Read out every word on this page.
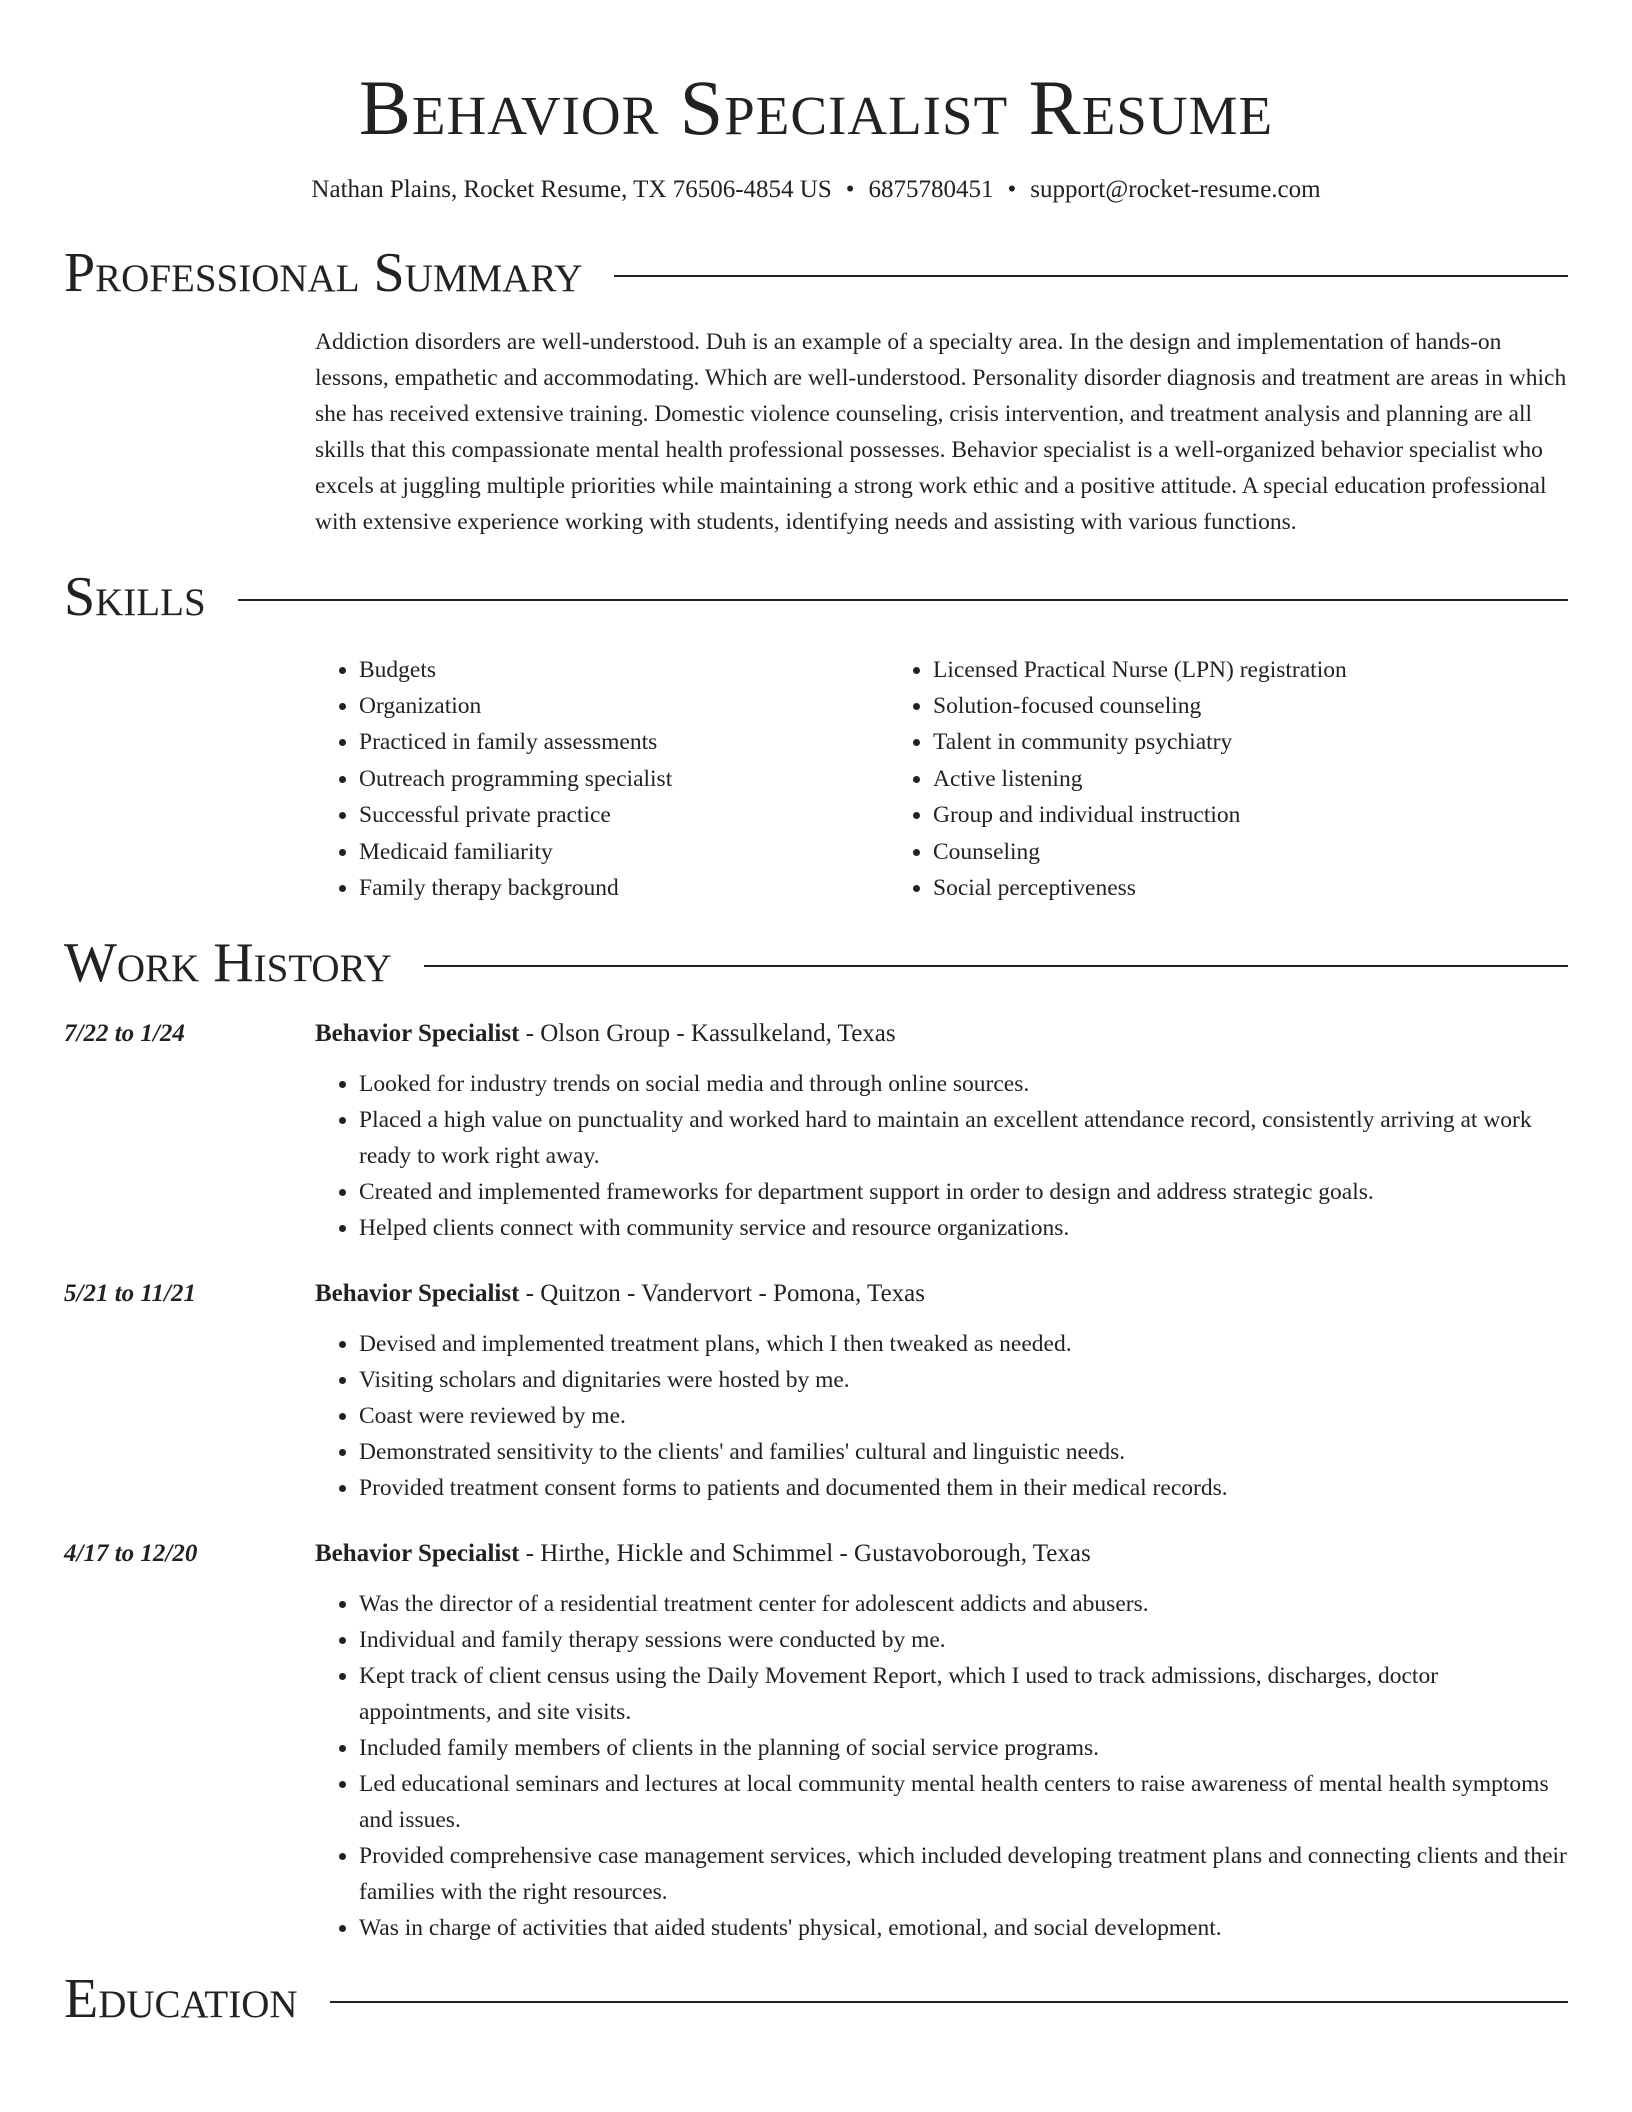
Behavior Specialist Resume
Nathan Plains, Rocket Resume, TX 76506-4854 US • 6875780451 • support@rocket-resume.com
Professional Summary

Addiction disorders are well-understood. Duh is an example of a specialty area. In the design and implementation of hands-on lessons, empathetic and accommodating. Which are well-understood. Personality disorder diagnosis and treatment are areas in which she has received extensive training. Domestic violence counseling, crisis intervention, and treatment analysis and planning are all skills that this compassionate mental health professional possesses. Behavior specialist is a well-organized behavior specialist who excels at juggling multiple priorities while maintaining a strong work ethic and a positive attitude. A special education professional with extensive experience working with students, identifying needs and assisting with various functions.

Skills
• Budgets
• Organization
• Practiced in family assessments
• Outreach programming specialist
• Successful private practice
• Medicaid familiarity
• Family therapy background
• Licensed Practical Nurse (LPN) registration
• Solution-focused counseling
• Talent in community psychiatry
• Active listening
• Group and individual instruction
• Counseling
• Social perceptiveness
Work History
7/22 to 1/24	Behavior Specialist - Olson Group - Kassulkeland, Texas
• Looked for industry trends on social media and through online sources.
• Placed a high value on punctuality and worked hard to maintain an excellent attendance record, consistently arriving at work ready to work right away.
• Created and implemented frameworks for department support in order to design and address strategic goals.
• Helped clients connect with community service and resource organizations.
5/21 to 11/21	Behavior Specialist - Quitzon - Vandervort - Pomona, Texas
• Devised and implemented treatment plans, which I then tweaked as needed.
• Visiting scholars and dignitaries were hosted by me.
• Coast were reviewed by me.
• Demonstrated sensitivity to the clients' and families' cultural and linguistic needs.
• Provided treatment consent forms to patients and documented them in their medical records.
4/17 to 12/20	Behavior Specialist - Hirthe, Hickle and Schimmel - Gustavoborough, Texas
• Was the director of a residential treatment center for adolescent addicts and abusers.
• Individual and family therapy sessions were conducted by me.
• Kept track of client census using the Daily Movement Report, which I used to track admissions, discharges, doctor appointments, and site visits.
• Included family members of clients in the planning of social service programs.
• Led educational seminars and lectures at local community mental health centers to raise awareness of mental health symptoms and issues.
• Provided comprehensive case management services, which included developing treatment plans and connecting clients and their families with the right resources.
• Was in charge of activities that aided students' physical, emotional, and social development.
Education
